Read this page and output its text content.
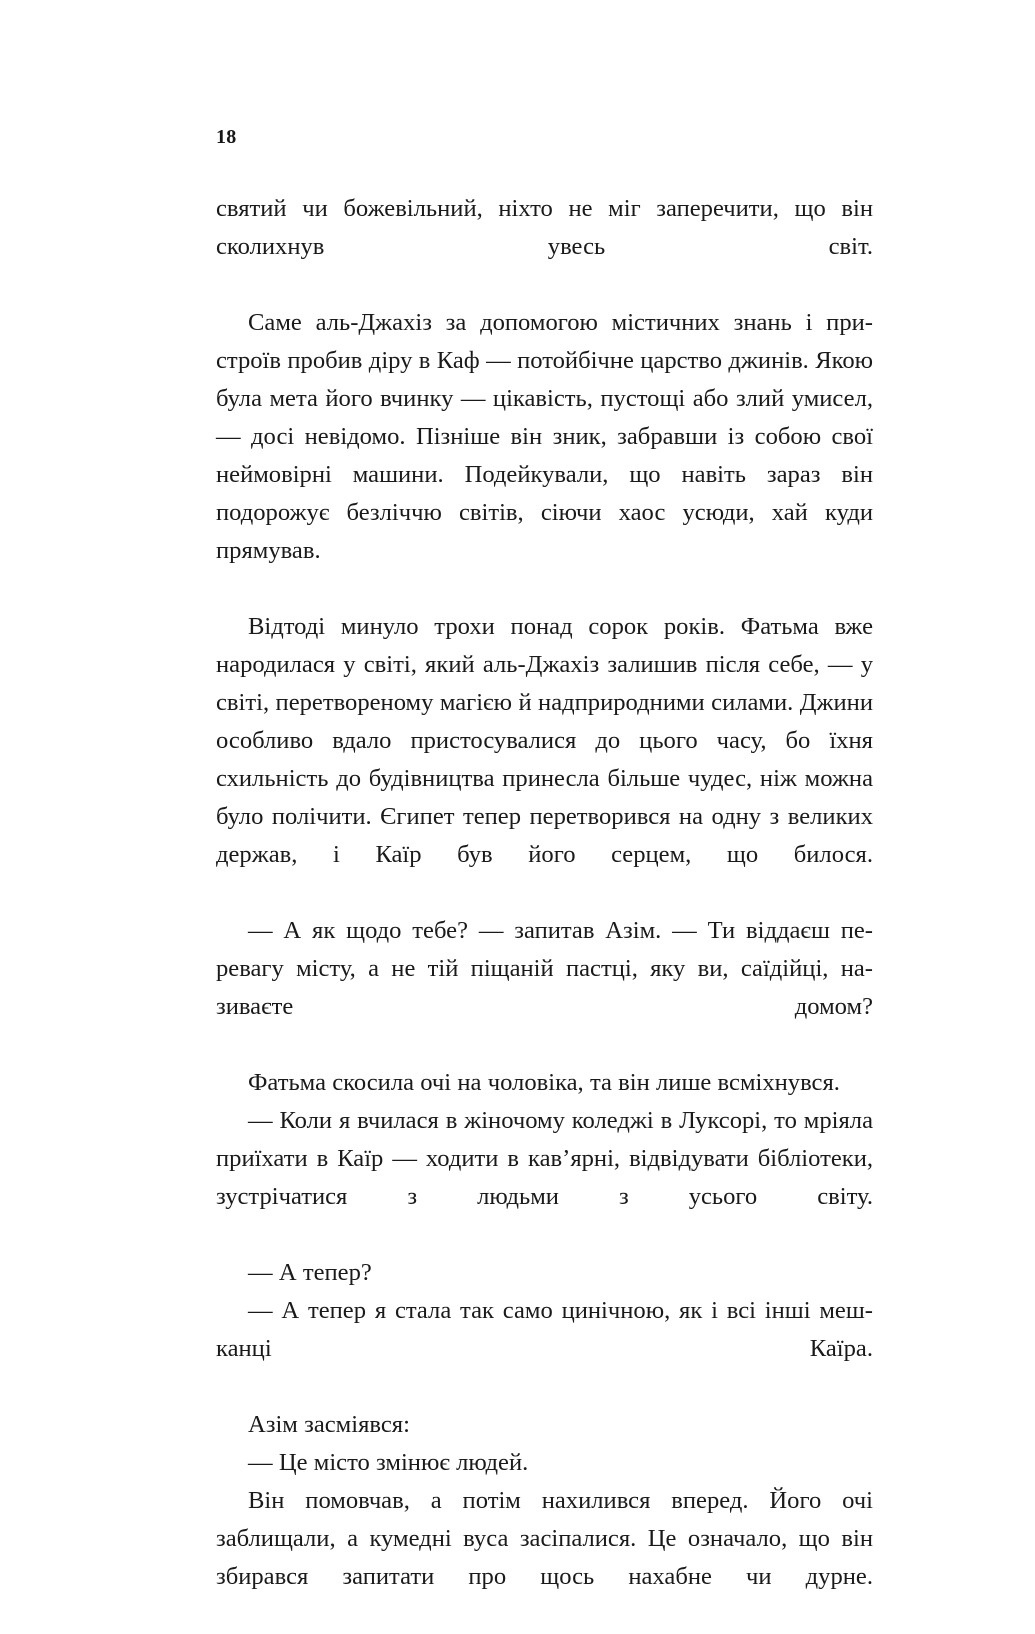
18

святий чи божевільний, ніхто не міг заперечити, що він сколихнув увесь світ.

Саме аль-Джахіз за допомогою містичних знань і пристроїв пробив діру в Каф — потойбічне царство джинів. Якою була мета його вчинку — цікавість, пустощі або злий умисел, — досі невідомо. Пізніше він зник, забравши із собою свої неймовірні машини. Подейкували, що навіть зараз він подорожує безліччю світів, сіючи хаос усюди, хай куди прямував.

Відтоді минуло трохи понад сорок років. Фатьма вже народилася у світі, який аль-Джахіз залишив після себе, — у світі, перетвореному магією й надприродними силами. Джини особливо вдало пристосувалися до цього часу, бо їхня схильність до будівництва принесла більше чудес, ніж можна було полічити. Єгипет тепер перетворився на одну з великих держав, і Каїр був його серцем, що билося.

— А як щодо тебе? — запитав Азім. — Ти віддаєш перевагу місту, а не тій піщаній пастці, яку ви, саїдійці, називаєте домом?

Фатьма скосила очі на чоловіка, та він лише всміхнувся.

— Коли я вчилася в жіночому коледжі в Луксорі, то мріяла приїхати в Каїр — ходити в кав’ярні, відвідувати бібліотеки, зустрічатися з людьми з усього світу.

— А тепер?

— А тепер я стала так само цинічною, як і всі інші мешканці Каїра.

Азім засміявся:

— Це місто змінює людей.

Він помовчав, а потім нахилився вперед. Його очі заблищали, а кумедні вуса засіпалися. Це означало, що він збирався запитати про щось нахабне чи дурне.
